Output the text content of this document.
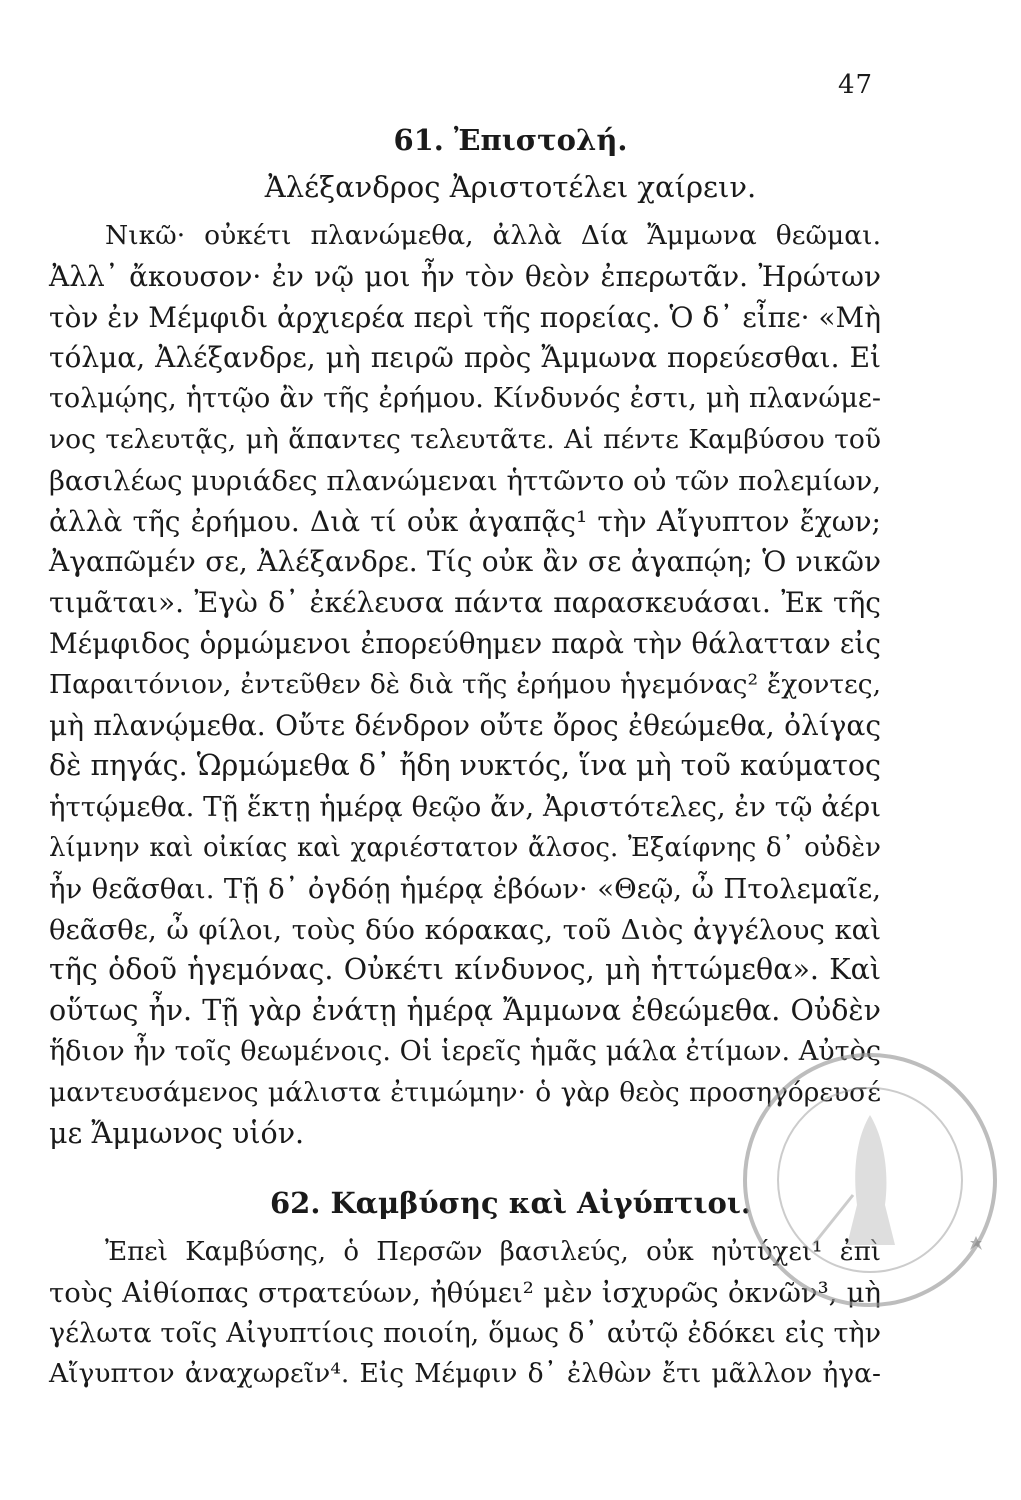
47
61. Ἐπιστολή.
Ἀλέξανδρος Ἀριστοτέλει χαίρειν.
Νικῶ· οὐκέτι πλανώμεθα, ἀλλὰ Δία Ἄμμωνα θεῶμαι.
Ἀλλ᾽ ἄκουσον· ἐν νῷ μοι ἦν τὸν θεὸν ἐπερωτᾶν. Ἠρώτων
τὸν ἐν Μέμφιδι ἀρχιερέα περὶ τῆς πορείας. Ὁ δ᾽ εἶπε· «Μὴ
τόλμα, Ἀλέξανδρε, μὴ πειρῶ πρὸς Ἄμμωνα πορεύεσθαι. Εἰ
τολμῴης, ἡττῷο ἂν τῆς ἐρήμου. Κίνδυνός ἐστι, μὴ πλανώμε-
νος τελευτᾷς, μὴ ἅπαντες τελευτᾶτε. Αἱ πέντε Καμβύσου τοῦ
βασιλέως μυριάδες πλανώμεναι ἡττῶντο οὐ τῶν πολεμίων,
ἀλλὰ τῆς ἐρήμου. Διὰ τί οὐκ ἀγαπᾷς¹ τὴν Αἴγυπτον ἔχων;
Ἀγαπῶμέν σε, Ἀλέξανδρε. Τίς οὐκ ἂν σε ἀγαπῴη; Ὁ νικῶν
τιμᾶται». Ἐγὼ δ᾽ ἐκέλευσα πάντα παρασκευάσαι. Ἐκ τῆς
Μέμφιδος ὁρμώμενοι ἐπορεύθημεν παρὰ τὴν θάλατταν εἰς
Παραιτόνιον, ἐντεῦθεν δὲ διὰ τῆς ἐρήμου ἡγεμόνας² ἔχοντες,
μὴ πλανῴμεθα. Οὔτε δένδρον οὔτε ὄρος ἐθεώμεθα, ὀλίγας
δὲ πηγάς. Ὡρμώμεθα δ᾽ ἤδη νυκτός, ἵνα μὴ τοῦ καύματος
ἡττῴμεθα. Τῇ ἕκτῃ ἡμέρᾳ θεῷο ἄν, Ἀριστότελες, ἐν τῷ ἀέρι
λίμνην καὶ οἰκίας καὶ χαριέστατον ἄλσος. Ἐξαίφνης δ᾽ οὐδὲν
ἦν θεᾶσθαι. Τῇ δ᾽ ὀγδόῃ ἡμέρᾳ ἐβόων· «Θεῷ, ὦ Πτολεμαῖε,
θεᾶσθε, ὦ φίλοι, τοὺς δύο κόρακας, τοῦ Διὸς ἀγγέλους καὶ
τῆς ὁδοῦ ἡγεμόνας. Οὐκέτι κίνδυνος, μὴ ἡττώμεθα». Καὶ
οὕτως ἦν. Τῇ γὰρ ἐνάτῃ ἡμέρᾳ Ἄμμωνα ἐθεώμεθα. Οὐδὲν
ἥδιον ἦν τοῖς θεωμένοις. Οἱ ἱερεῖς ἡμᾶς μάλα ἐτίμων. Αὐτὸς
μαντευσάμενος μάλιστα ἐτιμώμην· ὁ γὰρ θεὸς προσηγόρευσέ
με Ἄμμωνος υἱόν.
62. Καμβύσης καὶ Αἰγύπτιοι.
Ἐπεὶ Καμβύσης, ὁ Περσῶν βασιλεύς, οὐκ ηὐτύχει¹ ἐπὶ
τοὺς Αἰθίοπας στρατεύων, ἠθύμει² μὲν ἰσχυρῶς ὀκνῶν³, μὴ
γέλωτα τοῖς Αἰγυπτίοις ποιοίη, ὅμως δ᾽ αὐτῷ ἐδόκει εἰς τὴν
Αἴγυπτον ἀναχωρεῖν⁴. Εἰς Μέμφιν δ᾽ ἐλθὼν ἔτι μᾶλλον ἠγα-
